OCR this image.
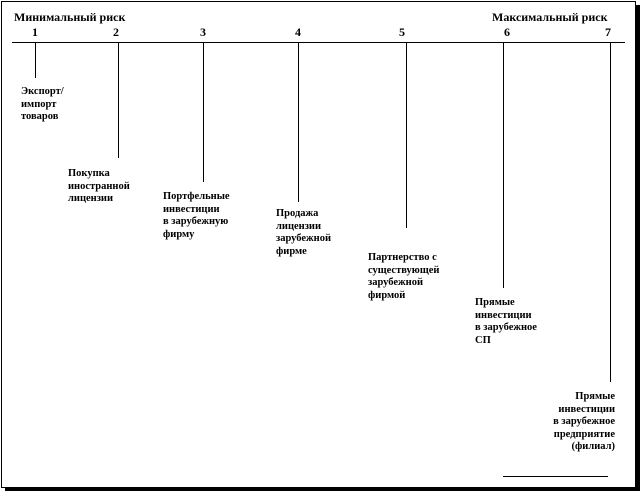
Минимальный риск	Максимальный риск
1	2	3	4	5	6	7
Экспорт/
импорт
товаров
Покупка
иностранной
лицензии	Портфельные
инвестиции
в зарубежную
фирму
Продажа
лицензии
зарубежной
фирме
Партнерство с
существующей
зарубежной
фирмой
Прямые
инвестиции
в зарубежное
СП
Прямые
инвестиции
в зарубежное
предприятие
(филиал)
